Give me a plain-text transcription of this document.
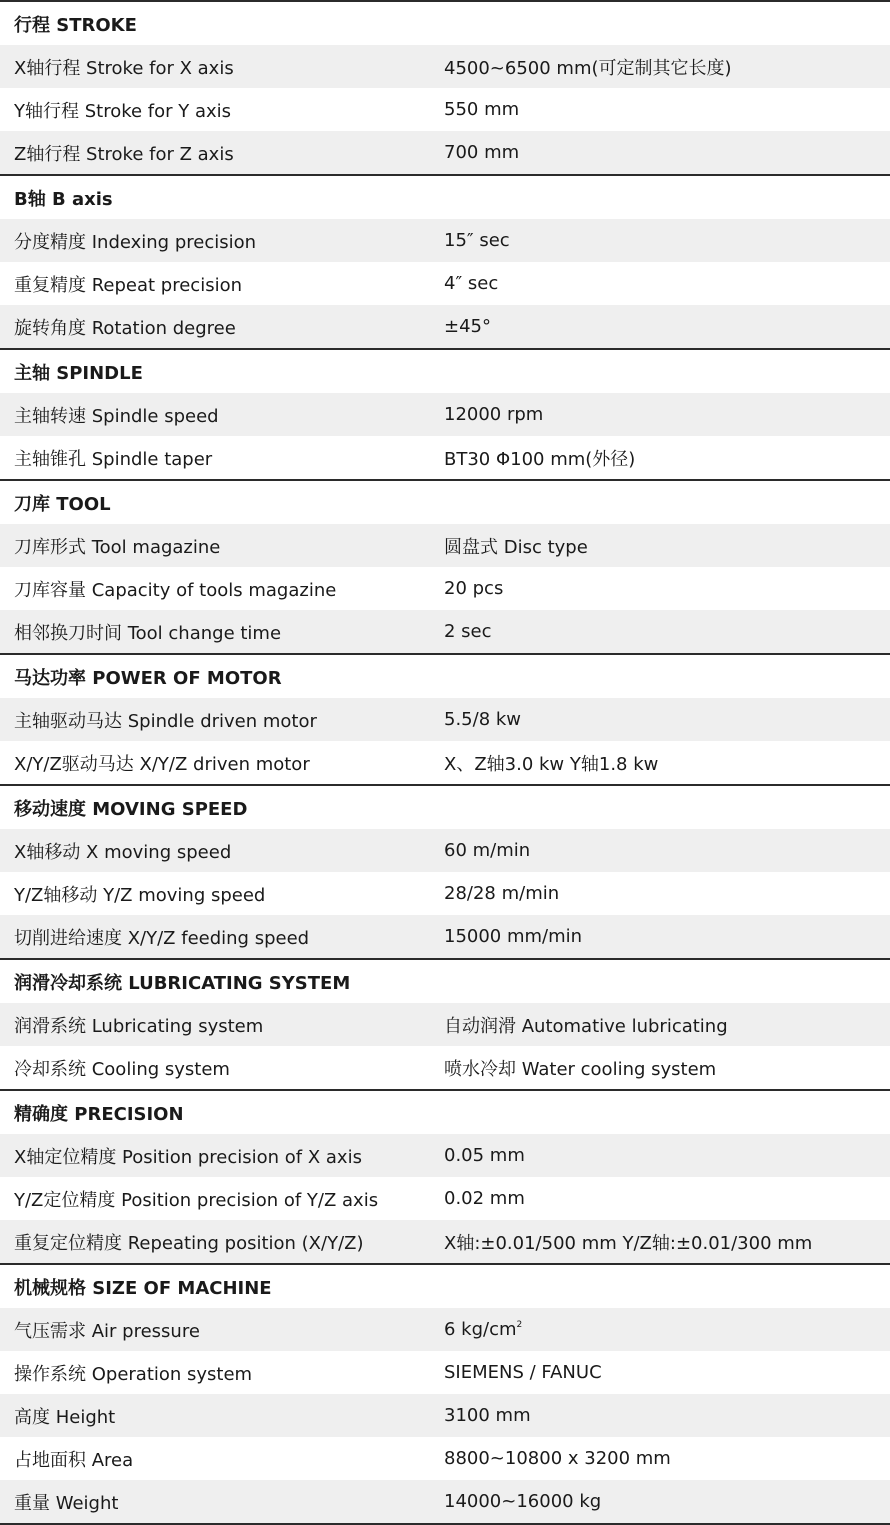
行程 STROKE
X轴行程 Stroke for X axis	4500~6500 mm(可定制其它长度)
Y轴行程 Stroke for Y axis	550 mm
Z轴行程 Stroke for Z axis	700 mm
B轴 B axis
分度精度 Indexing precision	15″ sec
重复精度 Repeat precision	4″ sec
旋转角度 Rotation degree	±45°
主轴 SPINDLE
主轴转速 Spindle speed	12000 rpm
主轴锥孔 Spindle taper	BT30 Φ100 mm(外径)
刀库 TOOL
刀库形式 Tool magazine	圆盘式 Disc type
刀库容量 Capacity of tools magazine	20 pcs
相邻换刀时间 Tool change time	2 sec
马达功率 POWER OF MOTOR
主轴驱动马达 Spindle driven motor	5.5/8 kw
X/Y/Z驱动马达 X/Y/Z driven motor	X、Z轴3.0 kw Y轴1.8 kw
移动速度 MOVING SPEED
X轴移动 X moving speed	60 m/min
Y/Z轴移动 Y/Z moving speed	28/28 m/min
切削进给速度 X/Y/Z feeding speed	15000 mm/min
润滑冷却系统 LUBRICATING SYSTEM
润滑系统 Lubricating system	自动润滑 Automative lubricating
冷却系统 Cooling system	喷水冷却 Water cooling system
精确度 PRECISION
X轴定位精度 Position precision of X axis	0.05 mm
Y/Z定位精度 Position precision of Y/Z axis	0.02 mm
重复定位精度 Repeating position (X/Y/Z)	X轴:±0.01/500 mm Y/Z轴:±0.01/300 mm
机械规格 SIZE OF MACHINE
气压需求 Air pressure	6 $kg/cm^2$
操作系统 Operation system	SIEMENS / FANUC
高度 Height	3100 mm
占地面积 Area	8800~10800 x 3200 mm
重量 Weight	14000~16000 kg
